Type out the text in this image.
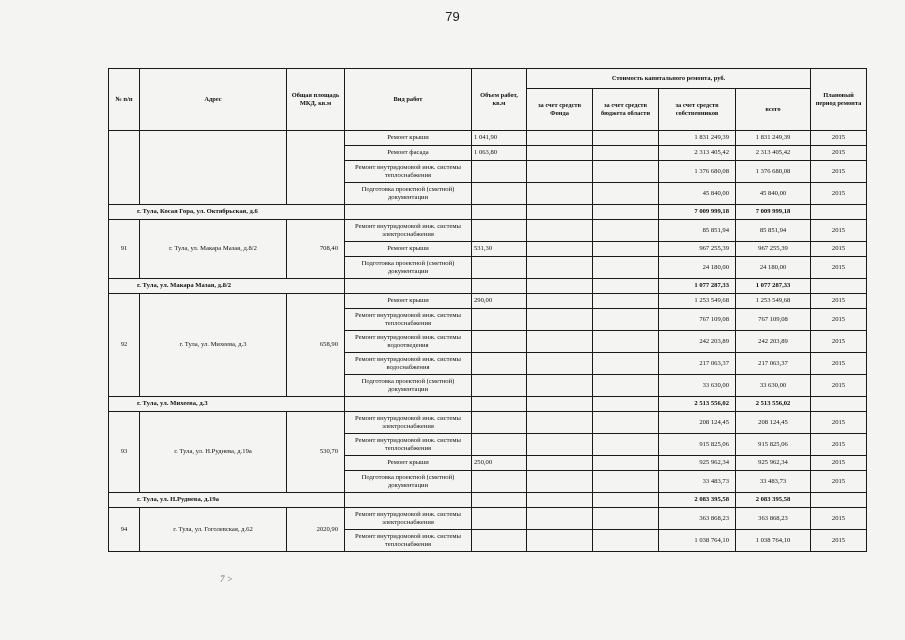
79
№ п/п	Адрес	Общая площадь МКД, кв.м	Вид работ	Объем работ, кв.м	Стоимость капитального ремонта, руб.				Плановый период ремонта
					за счет средств Фонда	за счет средств бюджета области	за счет средств собственников	всего	
			Ремонт крыши	1 041,90			1 831 249,39	1 831 249,39	2015
			Ремонт фасада	1 063,80			2 313 405,42	2 313 405,42	2015
			Ремонт внутридомовой инж. системы теплоснабжения				1 376 680,08	1 376 680,08	2015
			Подготовка проектной (сметной) документации				45 840,00	45 840,00	2015
г. Тула, Косая Гора, ул. Октябрьская, д.6							7 009 999,18	7 009 999,18	
91	г. Тула, ул. Макара Мазая, д.8/2	708,40	Ремонт внутридомовой инж. системы электроснабжения				85 851,94	85 851,94	2015
			Ремонт крыши	531,30			967 255,39	967 255,39	2015
			Подготовка проектной (сметной) документации				24 180,00	24 180,00	2015
г. Тула, ул. Макара Мазая, д.8/2							1 077 287,33	1 077 287,33	
92	г. Тула, ул. Михеева, д.3	658,90	Ремонт крыши	290,00			1 253 549,68	1 253 549,68	2015
			Ремонт внутридомовой инж. системы теплоснабжения				767 109,08	767 109,08	2015
			Ремонт внутридомовой инж. системы водоотведения				242 203,89	242 203,89	2015
			Ремонт внутридомовой инж. системы водоснабжения				217 063,37	217 063,37	2015
			Подготовка проектной (сметной) документации				33 630,00	33 630,00	2015
г. Тула, ул. Михеева, д.3							2 513 556,02	2 513 556,02	
93	г. Тула, ул. Н.Руднева, д.19а	530,70	Ремонт внутридомовой инж. системы электроснабжения				208 124,45	208 124,45	2015
			Ремонт внутридомовой инж. системы теплоснабжения				915 825,06	915 825,06	2015
			Ремонт крыши	250,00			925 962,34	925 962,34	2015
			Подготовка проектной (сметной) документации				33 483,73	33 483,73	2015
г. Тула, ул. Н.Руднева, д.19а							2 083 395,58	2 083 395,58	
94	г. Тула, ул. Гоголевская, д.62	2020,90	Ремонт внутридомовой инж. системы электроснабжения				363 868,23	363 868,23	2015
			Ремонт внутридомовой инж. системы теплоснабжения				1 038 764,10	1 038 764,10	2015
7 >
